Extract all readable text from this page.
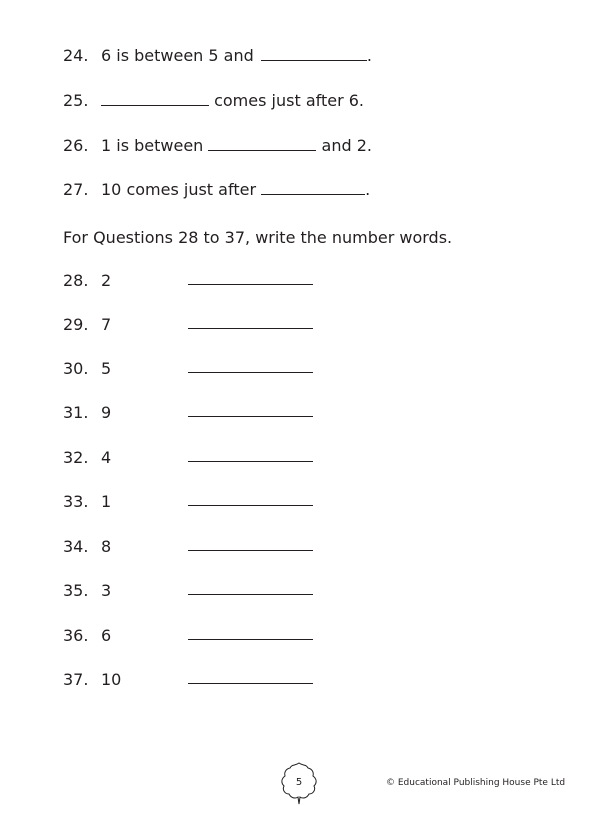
24. 6 is between 5 and	.
25.	comes just after 6.
26. 1 is between	and 2.
27. 10 comes just after	.
For Questions 28 to 37, write the number words.
28. 2
29. 7
30. 5
31. 9
32. 4
33. 1
34. 8
35. 3
36. 6
37. 10
5	© Educational Publishing House Pte Ltd
